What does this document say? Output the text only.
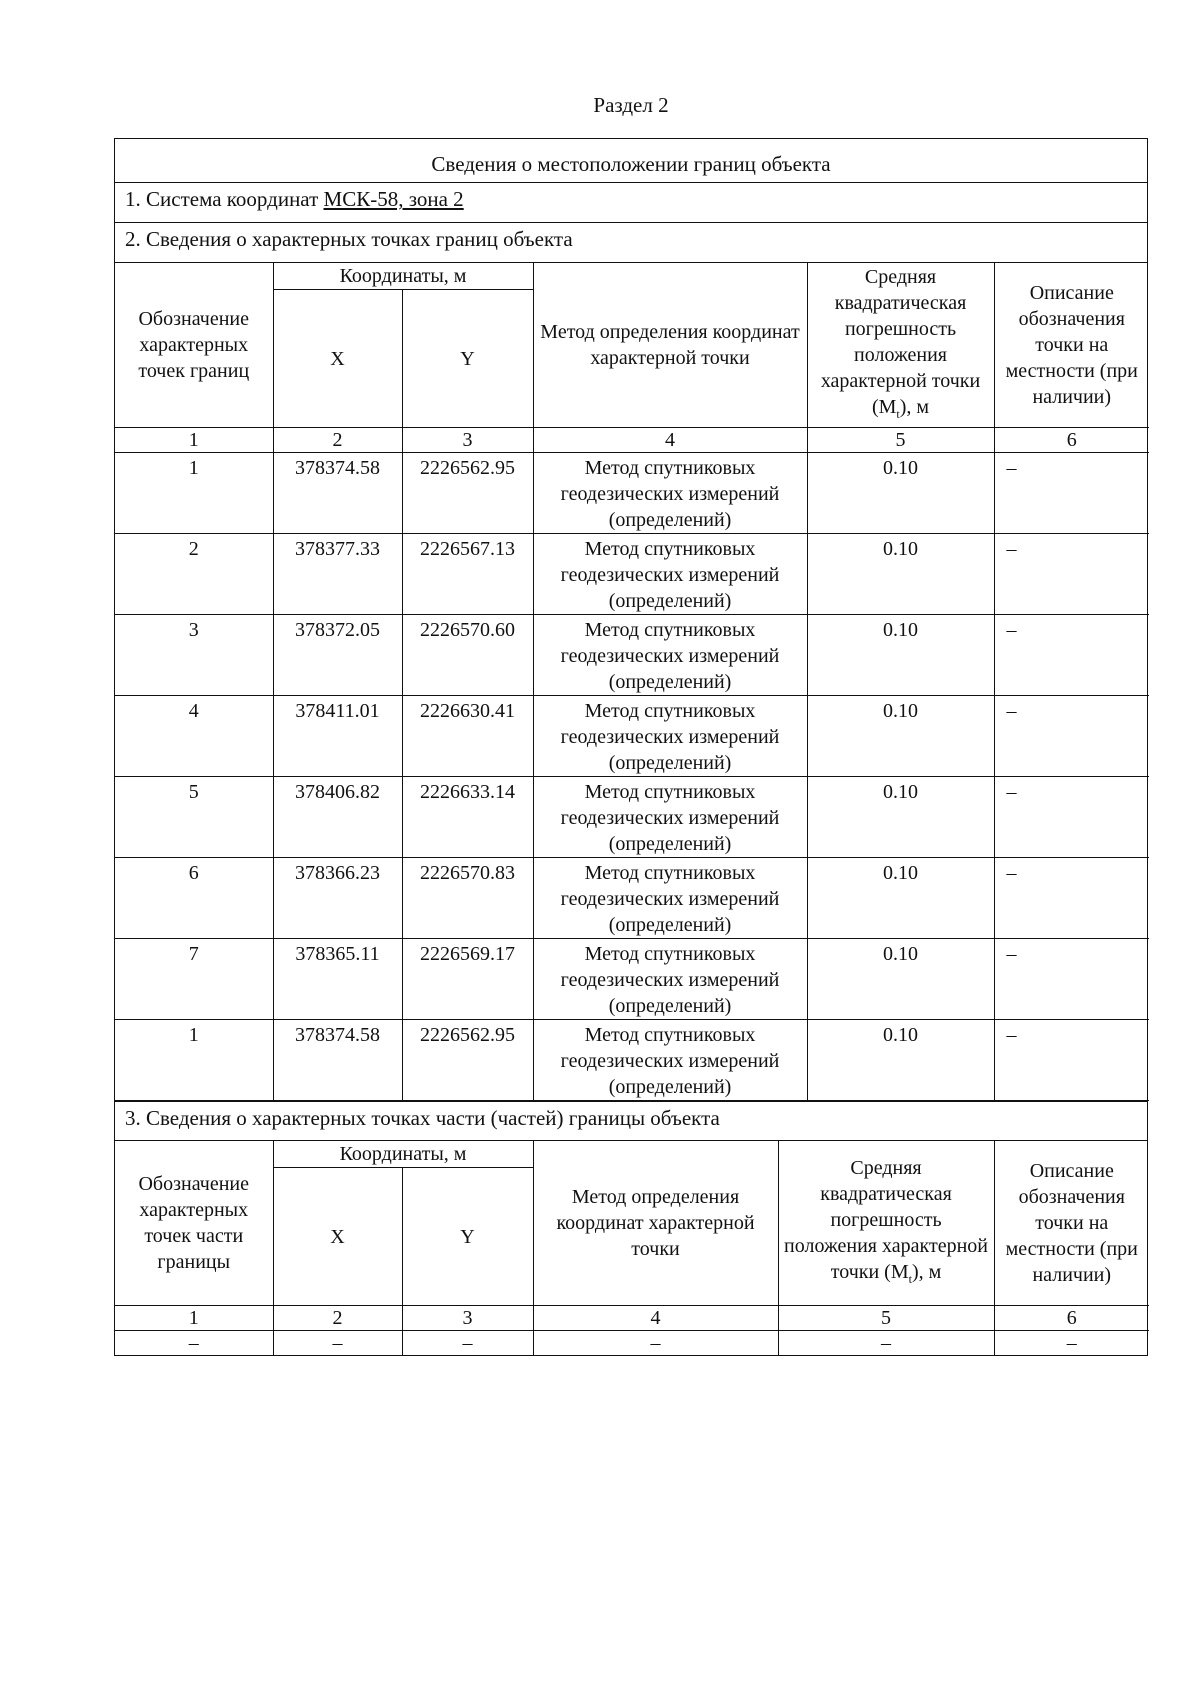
Раздел 2
Сведения о местоположении границ объекта
1. Система координат МСК-58, зона 2
2. Сведения о характерных точках границ объекта
Обозначение характерных точек границ	Координаты, м		Метод определения координат характерной точки	Средняя квадратическая погрешность положения характерной точки $(M_t)$, м	Описание обозначения точки на местности (при наличии)
	X	Y			
1	2	3	4	5	6
1	378374.58	2226562.95	Метод спутниковых геодезических измерений (определений)	0.10	–
2	378377.33	2226567.13	Метод спутниковых геодезических измерений (определений)	0.10	–
3	378372.05	2226570.60	Метод спутниковых геодезических измерений (определений)	0.10	–
4	378411.01	2226630.41	Метод спутниковых геодезических измерений (определений)	0.10	–
5	378406.82	2226633.14	Метод спутниковых геодезических измерений (определений)	0.10	–
6	378366.23	2226570.83	Метод спутниковых геодезических измерений (определений)	0.10	–
7	378365.11	2226569.17	Метод спутниковых геодезических измерений (определений)	0.10	–
1	378374.58	2226562.95	Метод спутниковых геодезических измерений (определений)	0.10	–
3. Сведения о характерных точках части (частей) границы объекта
Обозначение характерных точек части границы	Координаты, м		Метод определения координат характерной точки	Средняя квадратическая погрешность положения характерной точки $(M_t)$, м	Описание обозначения точки на местности (при наличии)
	X	Y			
1	2	3	4	5	6
–	–	–	–	–	–
